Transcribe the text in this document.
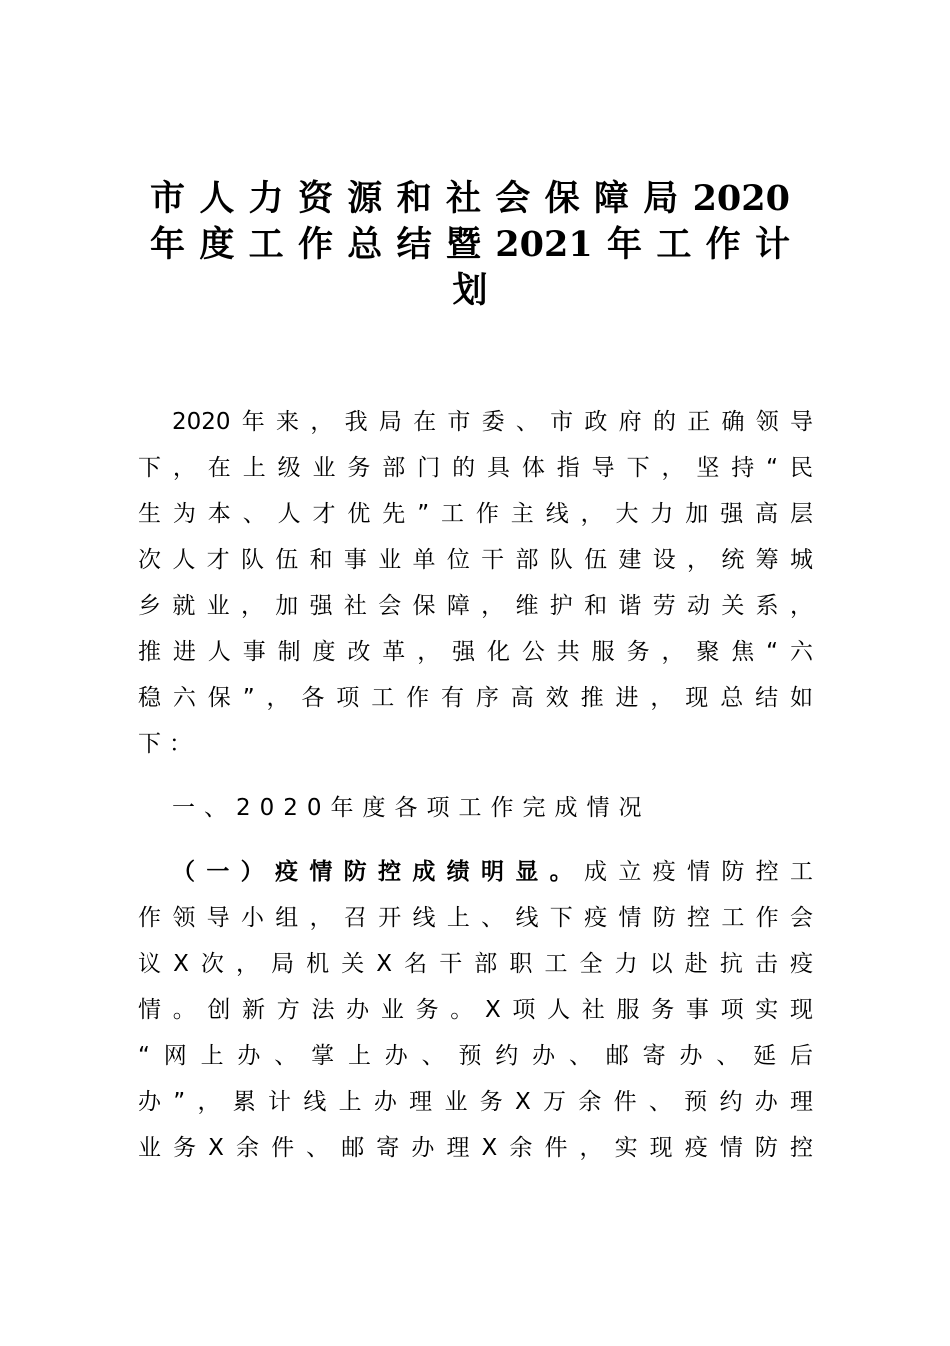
市人力资源和社会保障局2020
年度工作总结暨2021年工作计
划
2020年来，我局在市委、市政府的正确领导
下，在上级业务部门的具体指导下，坚持“民
生为本、人才优先”工作主线，大力加强高层
次人才队伍和事业单位干部队伍建设，统筹城
乡就业，加强社会保障，维护和谐劳动关系，
推进人事制度改革，强化公共服务，聚焦“六
稳六保”，各项工作有序高效推进，现总结如
下：
一、2020年度各项工作完成情况
（一）疫情防控成绩明显。成立疫情防控工
作领导小组，召开线上、线下疫情防控工作会
议X次，局机关X名干部职工全力以赴抗击疫
情。创新方法办业务。X项人社服务事项实现
“网上办、掌上办、预约办、邮寄办、延后
办”，累计线上办理业务X万余件、预约办理
业务X余件、邮寄办理X余件，实现疫情防控
